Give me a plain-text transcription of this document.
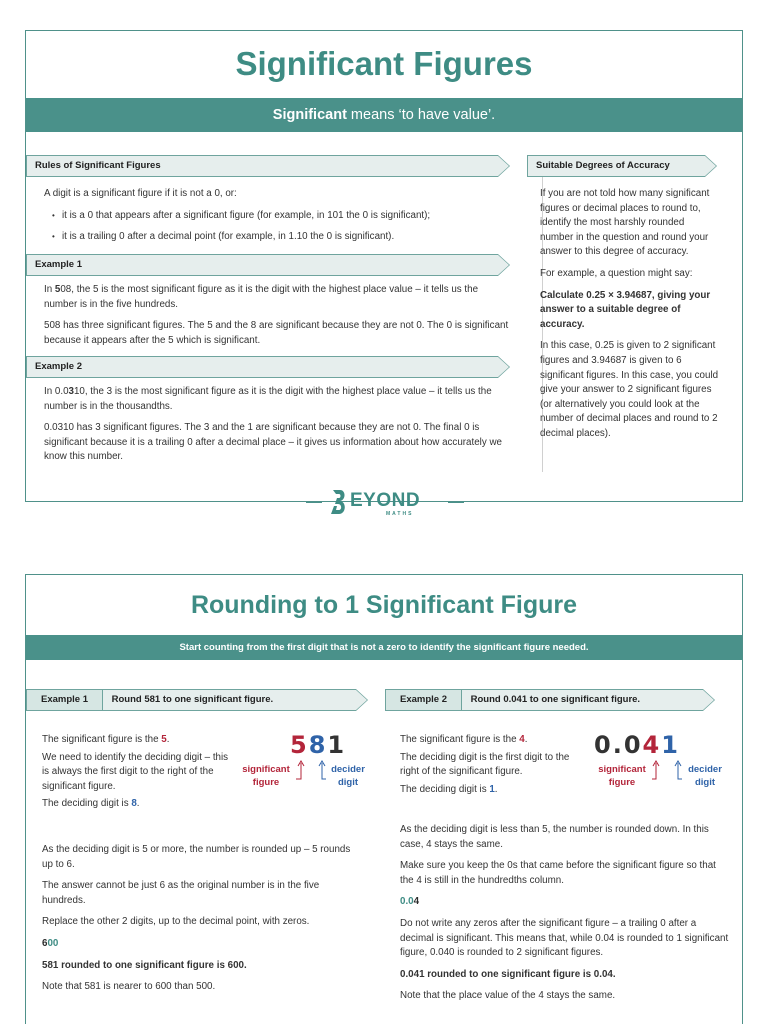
Significant Figures
Significant means ‘to have value’.
Rules of Significant Figures

A digit is a significant figure if it is not a 0, or:

• it is a 0 that appears after a significant figure (for example, in 101 the 0 is significant);

• it is a trailing 0 after a decimal point (for example, in 1.10 the 0 is significant).

Example 1

In 508, the 5 is the most significant figure as it is the digit with the highest place value – it tells us the number is in the five hundreds.

508 has three significant figures. The 5 and the 8 are significant because they are not 0. The 0 is significant because it appears after the 5 which is significant.

Example 2

In 0.0310, the 3 is the most significant figure as it is the digit with the highest place value – it tells us the number is in the thousandths.

0.0310 has 3 significant figures. The 3 and the 1 are significant because they are not 0. The final 0 is significant because it is a trailing 0 after a decimal place – it gives us information about how accurately we know this number.

Suitable Degrees of Accuracy

If you are not told how many significant figures or decimal places to round to, identify the most harshly rounded number in the question and round your answer to this degree of accuracy.

For example, a question might say:

Calculate 0.25 × 3.94687, giving your answer to a suitable degree of accuracy.

In this case, 0.25 is given to 2 significant figures and 3.94687 is given to 6 significant figures. In this case, you could give your answer to 2 significant figures (or alternatively you could look at the number of decimal places and round to 2 decimal places).

EYOND
MATHS
Rounding to 1 Significant Figure
Start counting from the first digit that is not a zero to identify the significant figure needed.
Example 1 Round 581 to one significant figure.

The significant figure is the 5.

We need to identify the deciding digit – this is always the first digit to the right of the significant figure.

The deciding digit is 8.

581
significant figure
decider digit

As the deciding digit is 5 or more, the number is rounded up – 5 rounds up to 6.

The answer cannot be just 6 as the original number is in the five hundreds.

Replace the other 2 digits, up to the decimal point, with zeros.

600

581 rounded to one significant figure is 600.

Note that 581 is nearer to 600 than 500.

Example 2 Round 0.041 to one significant figure.

The significant figure is the 4.

The deciding digit is the first digit to the right of the significant figure.

The deciding digit is 1.

0.041
significant figure
decider digit

As the deciding digit is less than 5, the number is rounded down. In this case, 4 stays the same.

Make sure you keep the 0s that came before the significant figure so that the 4 is still in the hundredths column.

0.04

Do not write any zeros after the significant figure – a trailing 0 after a decimal is significant. This means that, while 0.04 is rounded to 1 significant figure, 0.040 is rounded to 2 significant figures.

0.041 rounded to one significant figure is 0.04.

Note that the place value of the 4 stays the same.
